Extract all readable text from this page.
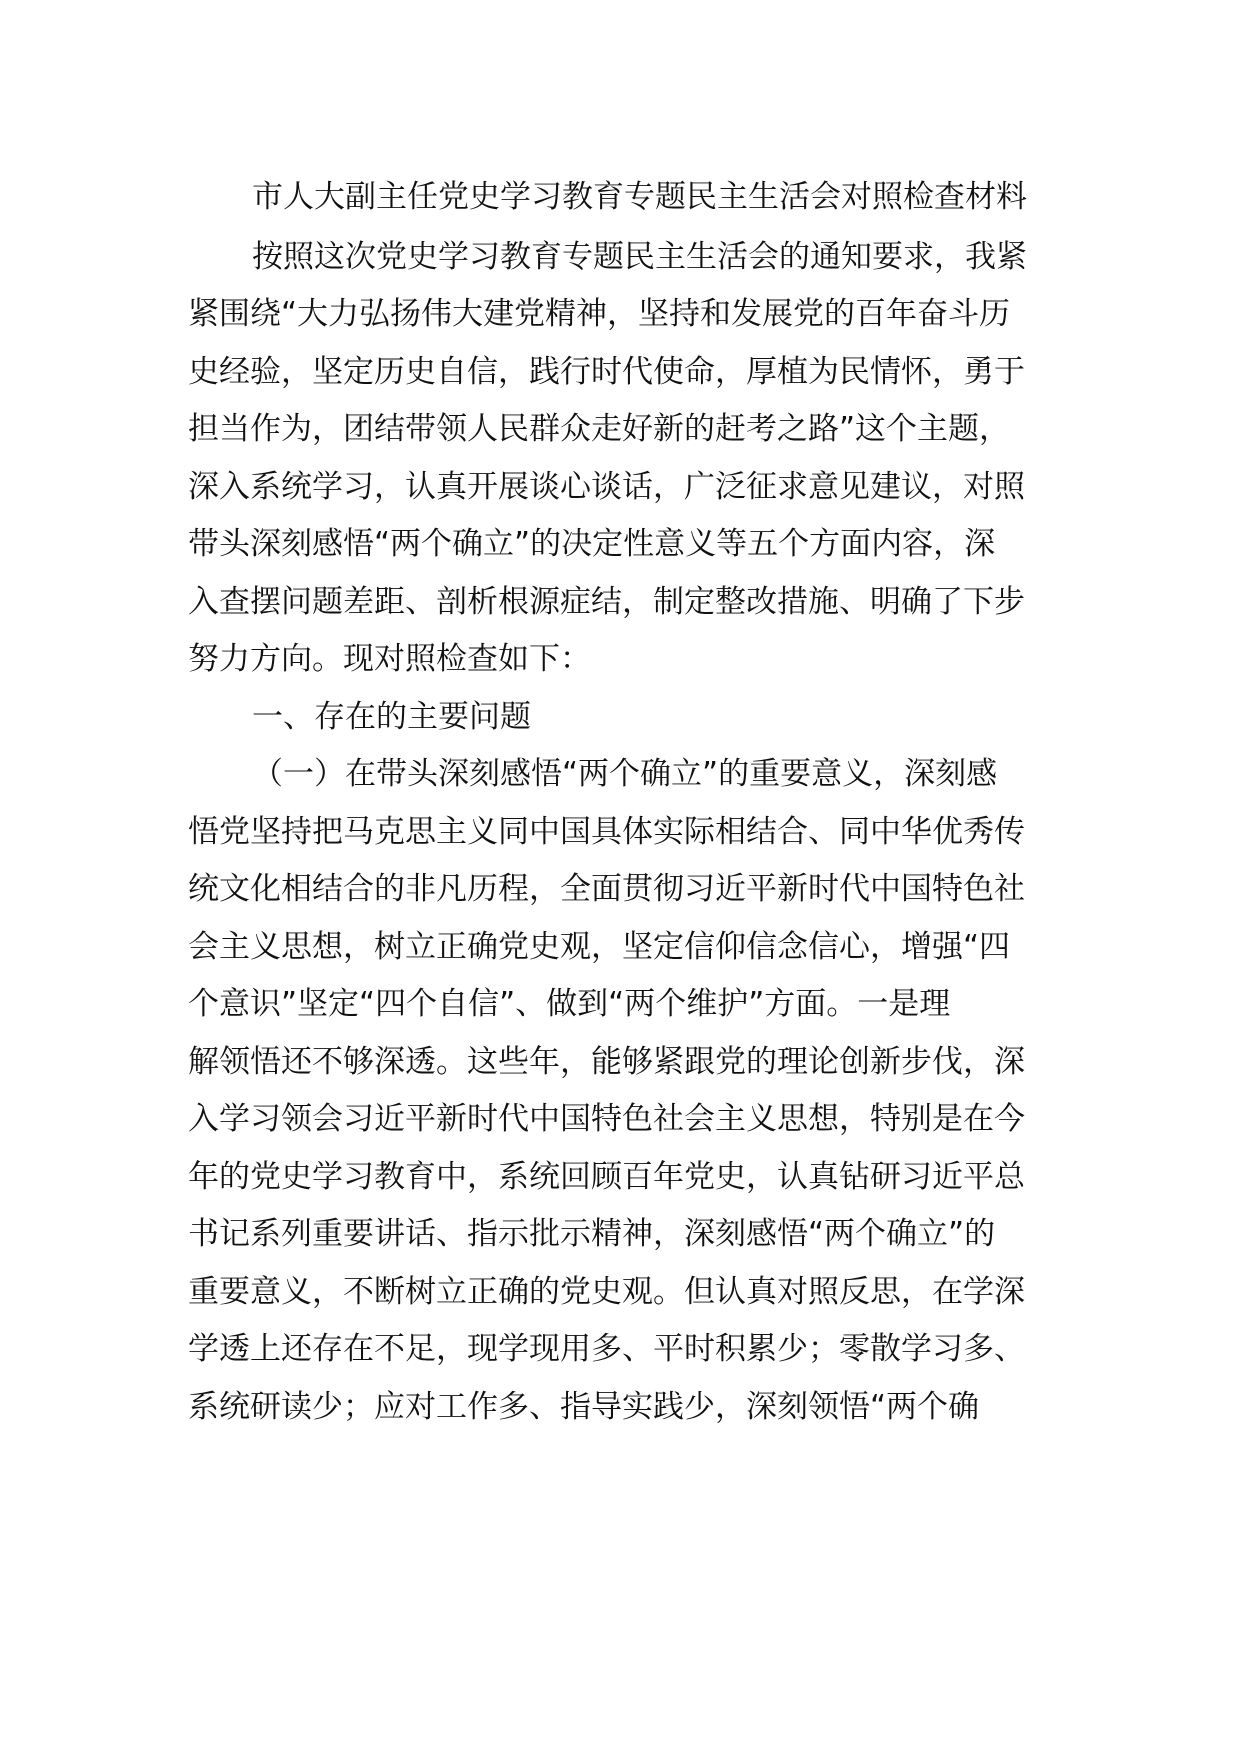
市人大副主任党史学习教育专题民主生活会对照检查材料
按照这次党史学习教育专题民主生活会的通知要求，我紧
紧围绕“大力弘扬伟大建党精神，坚持和发展党的百年奋斗历
史经验，坚定历史自信，践行时代使命，厚植为民情怀，勇于
担当作为，团结带领人民群众走好新的赶考之路”这个主题，
深入系统学习，认真开展谈心谈话，广泛征求意见建议，对照
带头深刻感悟“两个确立”的决定性意义等五个方面内容，深
入查摆问题差距、剖析根源症结，制定整改措施、明确了下步
努力方向。现对照检查如下：
一、存在的主要问题
（一）在带头深刻感悟“两个确立”的重要意义，深刻感
悟党坚持把马克思主义同中国具体实际相结合、同中华优秀传
统文化相结合的非凡历程，全面贯彻习近平新时代中国特色社
会主义思想，树立正确党史观，坚定信仰信念信心，增强“四
个意识”坚定“四个自信”、做到“两个维护”方面。一是理
解领悟还不够深透。这些年，能够紧跟党的理论创新步伐，深
入学习领会习近平新时代中国特色社会主义思想，特别是在今
年的党史学习教育中，系统回顾百年党史，认真钻研习近平总
书记系列重要讲话、指示批示精神，深刻感悟“两个确立”的
重要意义，不断树立正确的党史观。但认真对照反思，在学深
学透上还存在不足，现学现用多、平时积累少；零散学习多、
系统研读少；应对工作多、指导实践少，深刻领悟“两个确
